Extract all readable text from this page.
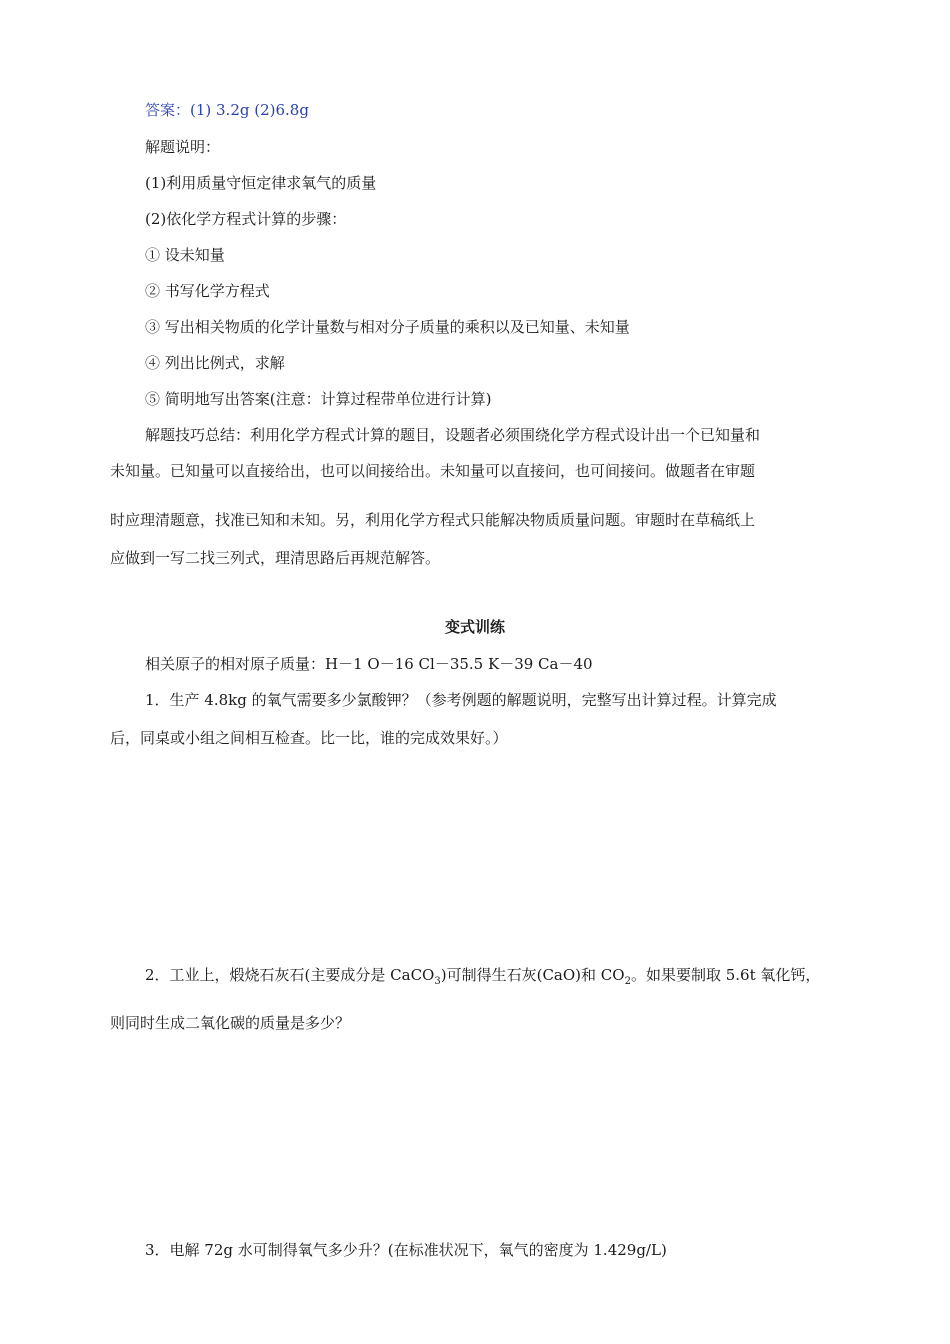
答案：(1) 3.2g (2)6.8g
解题说明：
(1)利用质量守恒定律求氧气的质量
(2)依化学方程式计算的步骤：
① 设未知量
② 书写化学方程式
③ 写出相关物质的化学计量数与相对分子质量的乘积以及已知量、未知量
④ 列出比例式，求解
⑤ 简明地写出答案(注意：计算过程带单位进行计算)
解题技巧总结：利用化学方程式计算的题目，设题者必须围绕化学方程式设计出一个已知量和
未知量。已知量可以直接给出，也可以间接给出。未知量可以直接问，也可间接问。做题者在审题
时应理清题意，找准已知和未知。另，利用化学方程式只能解决物质质量问题。审题时在草稿纸上
应做到一写二找三列式，理清思路后再规范解答。
变式训练
相关原子的相对原子质量：H－1 O－16 Cl－35.5 K－39 Ca－40
1．生产 4.8kg 的氧气需要多少氯酸钾？（参考例题的解题说明，完整写出计算过程。计算完成
后，同桌或小组之间相互检查。比一比，谁的完成效果好。）
2．工业上，煅烧石灰石(主要成分是 CaCO$_3$)可制得生石灰(CaO)和 $CO_2$。如果要制取 5.6t 氧化钙，
则同时生成二氧化碳的质量是多少？
3．电解 72g 水可制得氧气多少升？(在标准状况下，氧气的密度为 1.429g/L)
